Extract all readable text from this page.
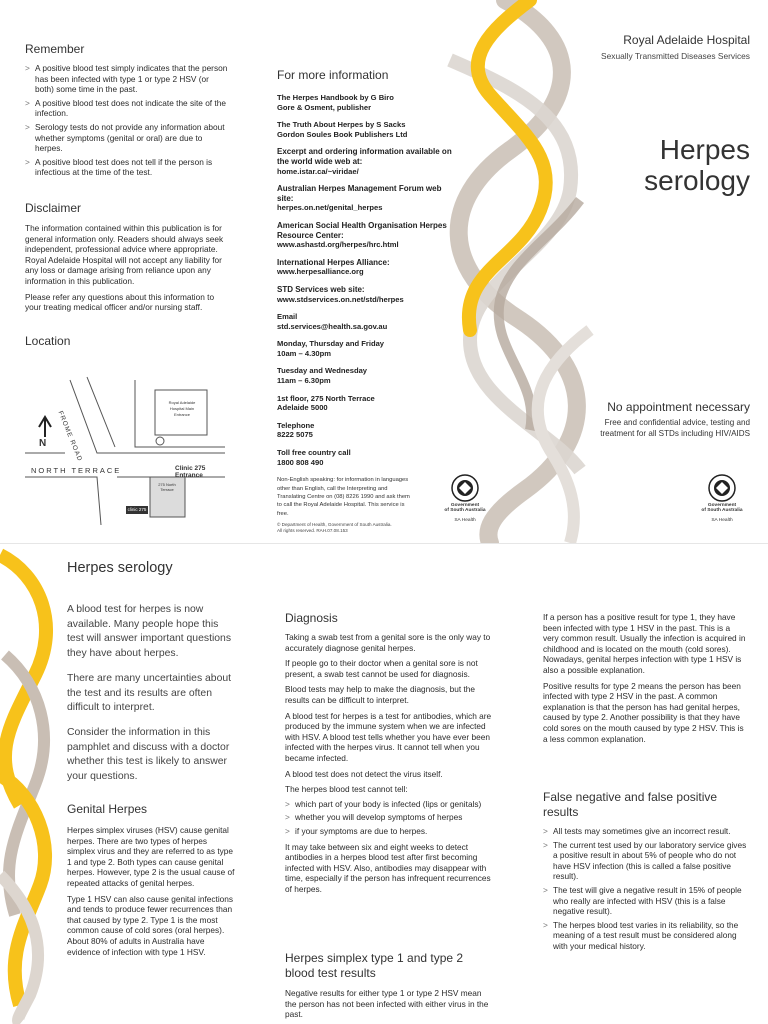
Remember
> A positive blood test simply indicates that the person has been infected with type 1 or type 2 HSV (or both) some time in the past.
> A positive blood test does not indicate the site of the infection.
> Serology tests do not provide any information about whether symptoms (genital or oral) are due to herpes.
> A positive blood test does not tell if the person is infectious at the time of the test.
Disclaimer

The information contained within this publication is for general information only. Readers should always seek independent, professional advice where appropriate. Royal Adelaide Hospital will not accept any liability for any loss or damage arising from reliance upon any information in this publication.

Please refer any questions about this information to your treating medical officer and/or nursing staff.

Location
N FROME ROAD
NORTH TERRACE
Royal Adelaide Hospital Main Entrance
Clinic 275 Entrance
275 North Terrace
clinic 275
For more information
The Herpes Handbook by G Biro
Gore & Osment, publisher
The Truth About Herpes by S Sacks
Gordon Soules Book Publishers Ltd
Excerpt and ordering information available on the world wide web at:
home.istar.ca/~viridae/
Australian Herpes Management Forum web site:
herpes.on.net/genital_herpes
American Social Health Organisation Herpes Resource Center:
www.ashastd.org/herpes/hrc.html
International Herpes Alliance:
www.herpesalliance.org
STD Services web site:
www.stdservices.on.net/std/herpes
Email
std.services@health.sa.gov.au
Monday, Thursday and Friday
10am – 4.30pm
Tuesday and Wednesday
11am – 6.30pm
1st floor, 275 North Terrace
Adelaide 5000
Telephone
8222 5075
Toll free country call
1800 808 490
Non-English speaking: for information in languages other than English, call the Interpreting and Translating Centre on (08) 8226 1990 and ask them to call the Royal Adelaide Hospital. This service is free.
© Department of Health, Government of South Australia.
All rights reserved. RAH.07.08.153
Government
of South Australia
SA Health
Royal Adelaide Hospital
Sexually Transmitted Diseases Services
Herpes
serology
No appointment necessary
Free and confidential advice, testing and
treatment for all STDs including HIV/AIDS
Government
of South Australia
SA Health
Herpes serology

A blood test for herpes is now available. Many people hope this test will answer important questions they have about herpes.

There are many uncertainties about the test and its results are often difficult to interpret.

Consider the information in this pamphlet and discuss with a doctor whether this test is likely to answer your questions.

Genital Herpes

Herpes simplex viruses (HSV) cause genital herpes. There are two types of herpes simplex virus and they are referred to as type 1 and type 2. Both types can cause genital herpes. However, type 2 is the usual cause of repeated attacks of genital herpes.

Type 1 HSV can also cause genital infections and tends to produce fewer recurrences than that caused by type 2. Type 1 is the most common cause of cold sores (oral herpes). About 80% of adults in Australia have evidence of infection with type 1 HSV.

Diagnosis

Taking a swab test from a genital sore is the only way to accurately diagnose genital herpes.

If people go to their doctor when a genital sore is not present, a swab test cannot be used for diagnosis.

Blood tests may help to make the diagnosis, but the results can be difficult to interpret.

A blood test for herpes is a test for antibodies, which are produced by the immune system when we are infected with HSV. A blood test tells whether you have ever been infected with the herpes virus. It cannot tell when you became infected.

A blood test does not detect the virus itself.

The herpes blood test cannot tell:

> which part of your body is infected (lips or genitals)
> whether you will develop symptoms of herpes
> if your symptoms are due to herpes.

It may take between six and eight weeks to detect antibodies in a herpes blood test after first becoming infected with HSV. Also, antibodies may disappear with time, especially if the person has infrequent recurrences of herpes.

Herpes simplex type 1 and type 2 blood test results

Negative results for either type 1 or type 2 HSV mean the person has not been infected with either virus in the past.

If a person has a positive result for type 1, they have been infected with type 1 HSV in the past. This is a very common result. Usually the infection is acquired in childhood and is located on the mouth (cold sores). Nowadays, genital herpes infection with type 1 HSV is also a possible explanation.

Positive results for type 2 means the person has been infected with type 2 HSV in the past. A common explanation is that the person has had genital herpes, caused by type 2. Another possibility is that they have cold sores on the mouth caused by type 2 HSV. This is a less common explanation.

False negative and false positive results
> All tests may sometimes give an incorrect result.
> The current test used by our laboratory service gives a positive result in about 5% of people who do not have HSV infection (this is called a false positive result).
> The test will give a negative result in 15% of people who really are infected with HSV (this is a false negative result).
> The herpes blood test varies in its reliability, so the meaning of a test result must be considered along with your medical history.
